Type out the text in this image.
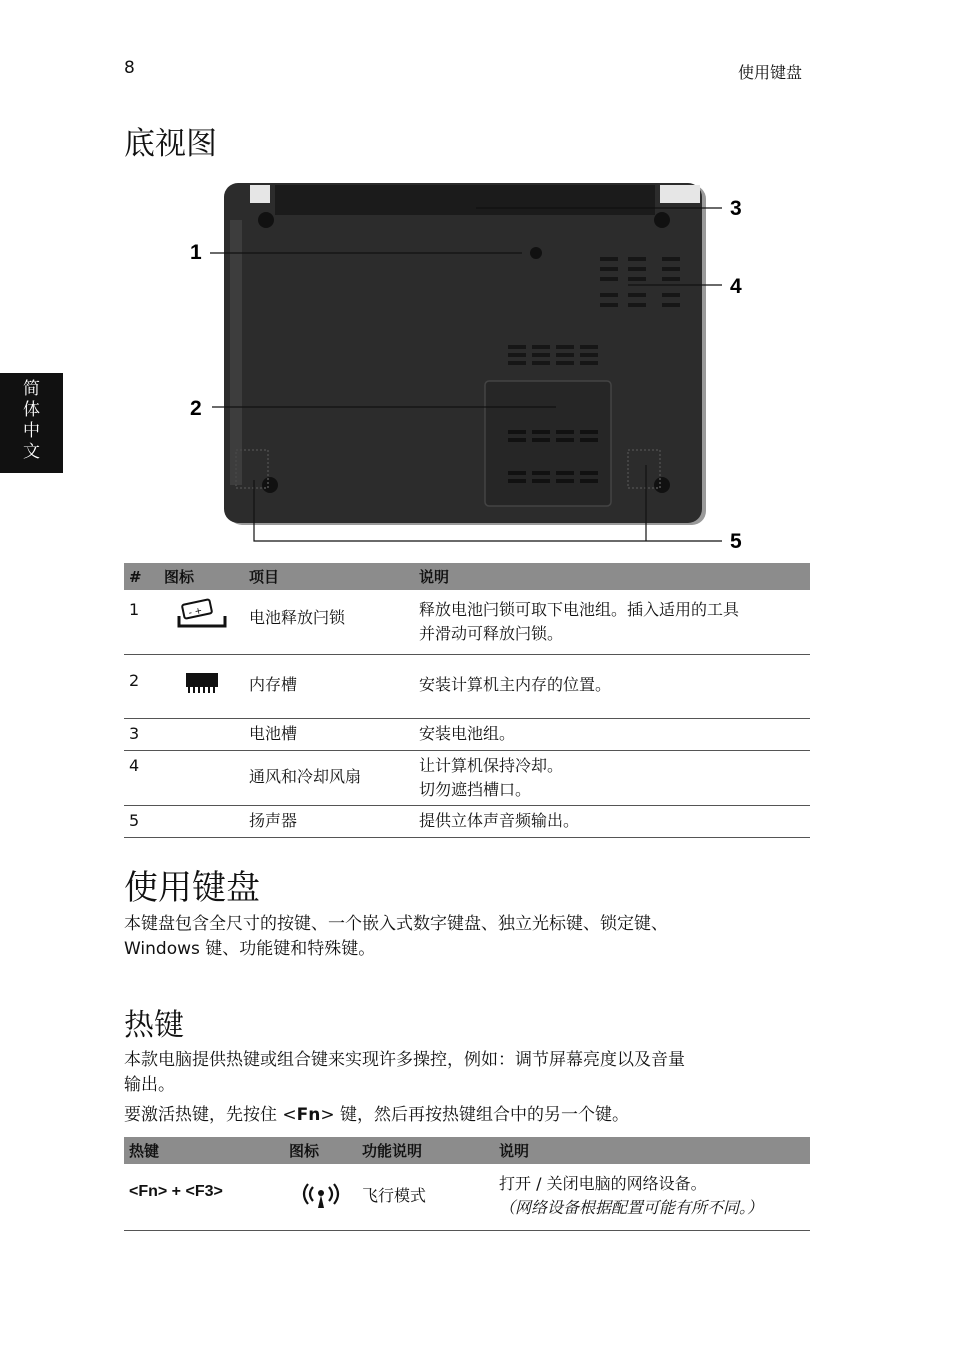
8	使用键盘
简
体
中
文
底视图
1
2
3
4
5
#	图标	项目	说明
1	- +	电池释放闩锁	释放电池闩锁可取下电池组。插入适用的工具
并滑动可释放闩锁。

2		内存槽	安装计算机主内存的位置。

3		电池槽	安装电池组。

4		通风和冷却风扇	让计算机保持冷却。
切勿遮挡槽口。

5		扬声器	提供立体声音频输出。
使用键盘
本键盘包含全尺寸的按键、一个嵌入式数字键盘、独立光标键、锁定键、
Windows 键、功能键和特殊键。
热键
本款电脑提供热键或组合键来实现许多操控，例如：调节屏幕亮度以及音量
输出。
要激活热键，先按住 <Fn> 键，然后再按热键组合中的另一个键。
热键	图标	功能说明	说明
<Fn> + <F3>		飞行模式	打开 / 关闭电脑的网络设备。
（网络设备根据配置可能有所不同。）
